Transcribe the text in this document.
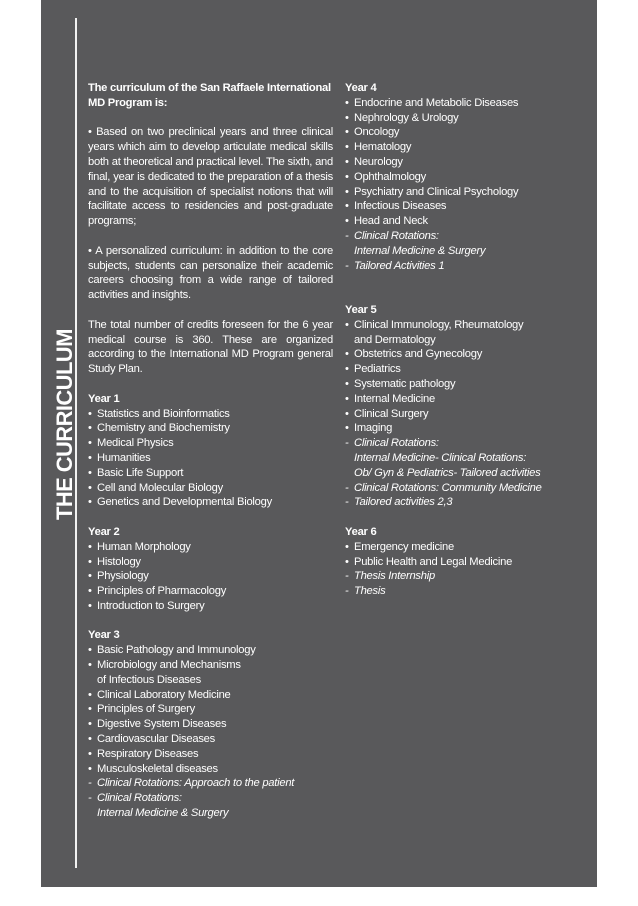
THE CURRICULUM

The curriculum of the San Raffaele International MD Program is:

• Based on two preclinical years and three clinical years which aim to develop articulate medical skills both at theoretical and practical level. The sixth, and final, year is dedicated to the preparation of a thesis and to the acquisition of specialist notions that will facilitate access to residencies and post-graduate programs;

• A personalized curriculum: in addition to the core subjects, students can personalize their academic careers choosing from a wide range of tailored activities and insights.

The total number of credits foreseen for the 6 year medical course is 360. These are organized according to the International MD Program general Study Plan.

Year 1

• Statistics and Bioinformatics
• Chemistry and Biochemistry
• Medical Physics
• Humanities
• Basic Life Support
• Cell and Molecular Biology
• Genetics and Developmental Biology

Year 2

• Human Morphology
• Histology
• Physiology
• Principles of Pharmacology
• Introduction to Surgery

Year 3

• Basic Pathology and Immunology
• Microbiology and Mechanisms
of Infectious Diseases
• Clinical Laboratory Medicine
• Principles of Surgery
• Digestive System Diseases
• Cardiovascular Diseases
• Respiratory Diseases
• Musculoskeletal diseases
- Clinical Rotations: Approach to the patient
- Clinical Rotations:
Internal Medicine & Surgery

Year 4

• Endocrine and Metabolic Diseases
• Nephrology & Urology
• Oncology
• Hematology
• Neurology
• Ophthalmology
• Psychiatry and Clinical Psychology
• Infectious Diseases
• Head and Neck
- Clinical Rotations:
Internal Medicine & Surgery
- Tailored Activities 1

Year 5

• Clinical Immunology, Rheumatology
and Dermatology
• Obstetrics and Gynecology
• Pediatrics
• Systematic pathology
• Internal Medicine
• Clinical Surgery
• Imaging
- Clinical Rotations:
Internal Medicine- Clinical Rotations:
Ob/ Gyn & Pediatrics- Tailored activities
- Clinical Rotations: Community Medicine
- Tailored activities 2,3

Year 6

• Emergency medicine
• Public Health and Legal Medicine
- Thesis Internship
- Thesis
